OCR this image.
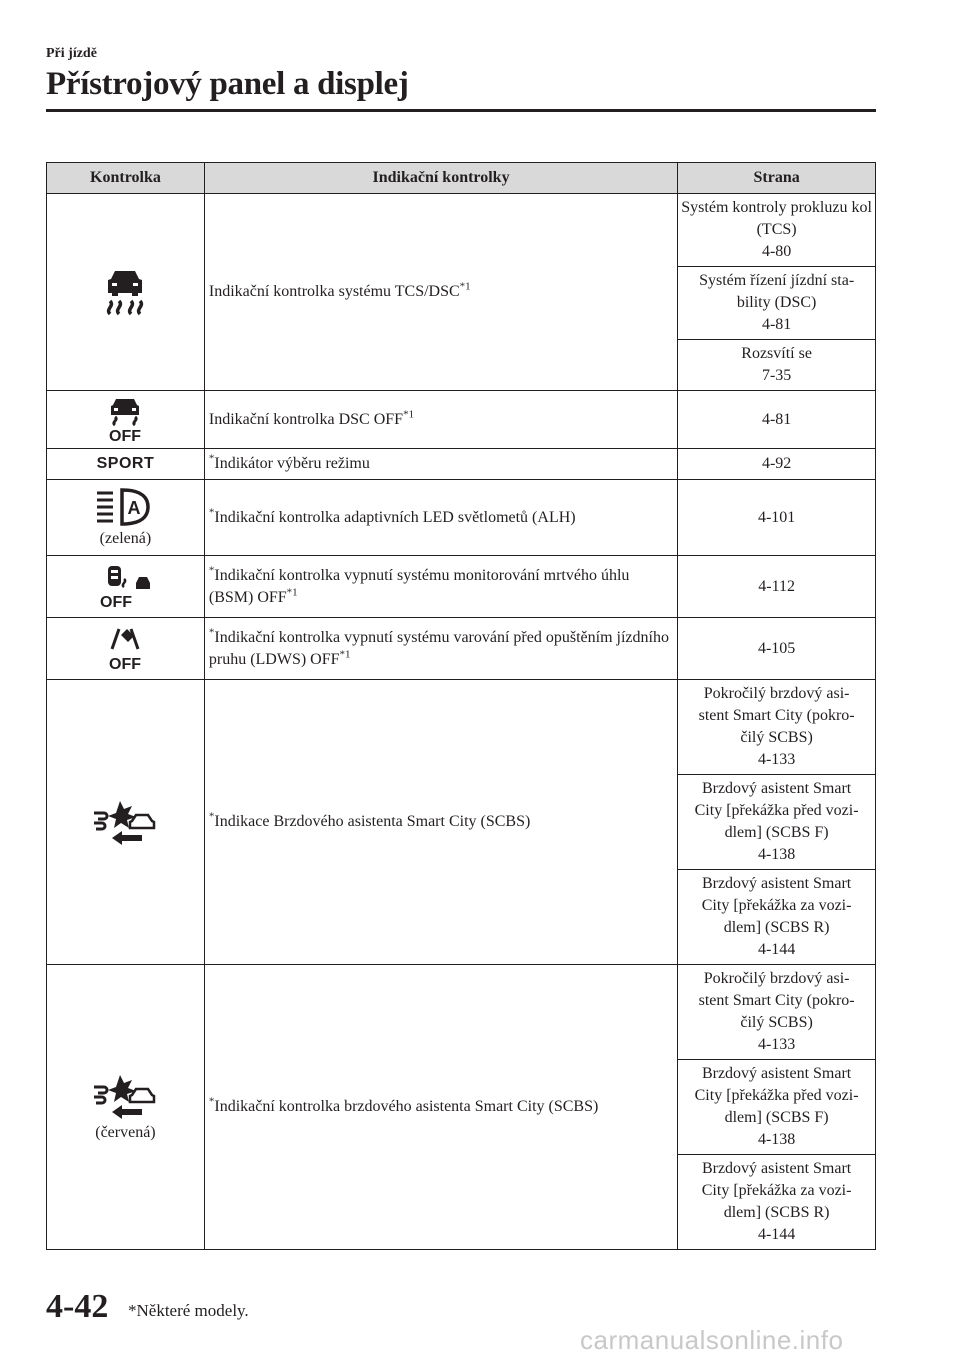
Při jízdě
Přístrojový panel a displej
Kontrolka	Indikační kontrolky	Strana

	Indikační kontrolka systému TCS/DSC$^{*1}$	Systém kontroly prokluzu kol (TCS)
4-80
		Systém řízení jízdní sta-
bility (DSC)
4-81
		Rozsvítí se
7-35

OFF	Indikační kontrolka DSC OFF$^{*1}$	4-81
SPORT	*Indikátor výběru režimu	4-92

A
(zelená)	*Indikační kontrolka adaptivních LED světlometů (ALH)	4-101

OFF	*Indikační kontrolka vypnutí systému monitorování mrtvého úhlu (BSM) OFF$^{*1}$	4-112

OFF	*Indikační kontrolka vypnutí systému varování před opuštěním jízdního pruhu (LDWS) OFF$^{*1}$	4-105

	*Indikace Brzdového asistenta Smart City (SCBS)	Pokročilý brzdový asi-
stent Smart City (pokro-
čilý SCBS)
4-133
		Brzdový asistent Smart
City [překážka před vozi-
dlem] (SCBS F)
4-138
		Brzdový asistent Smart
City [překážka za vozi-
dlem] (SCBS R)
4-144

(červená)	*Indikační kontrolka brzdového asistenta Smart City (SCBS)	Pokročilý brzdový asi-
stent Smart City (pokro-
čilý SCBS)
4-133
		Brzdový asistent Smart
City [překážka před vozi-
dlem] (SCBS F)
4-138
		Brzdový asistent Smart
City [překážka za vozi-
dlem] (SCBS R)
4-144
4-42 *Některé modely.
carmanualsonline.info
